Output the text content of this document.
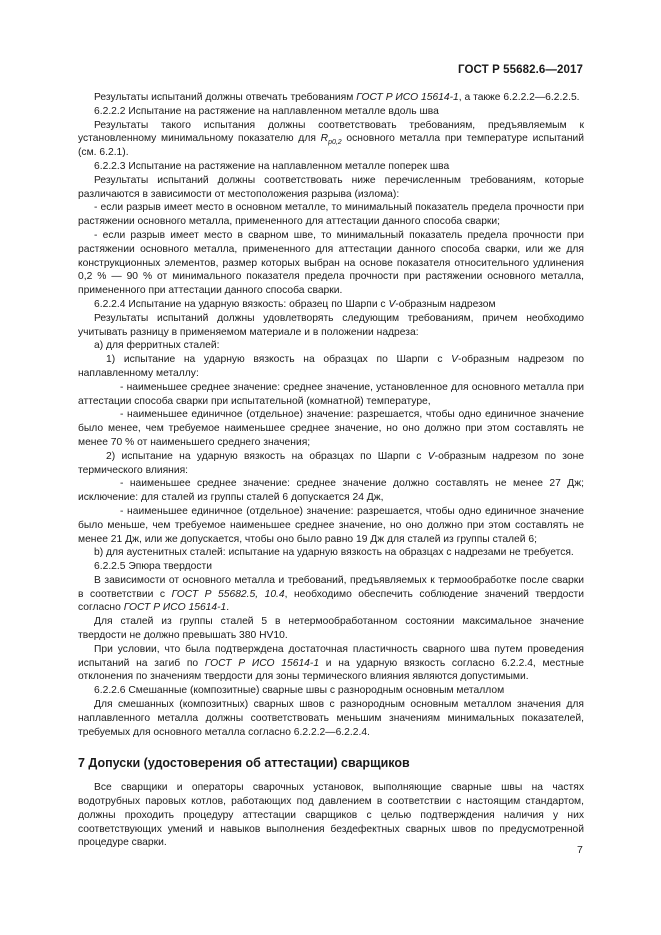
ГОСТ Р 55682.6—2017

Результаты испытаний должны отвечать требованиям ГОСТ Р ИСО 15614-1, а также 6.2.2.2—6.2.2.5.

6.2.2.2 Испытание на растяжение на наплавленном металле вдоль шва

Результаты такого испытания должны соответствовать требованиям, предъявляемым к установленному минимальному показателю для $R_{p0,2}$ основного металла при температуре испытаний (см. 6.2.1).

6.2.2.3 Испытание на растяжение на наплавленном металле поперек шва

Результаты испытаний должны соответствовать ниже перечисленным требованиям, которые различаются в зависимости от местоположения разрыва (излома):

- если разрыв имеет место в основном металле, то минимальный показатель предела прочности при растяжении основного металла, примененного для аттестации данного способа сварки;

- если разрыв имеет место в сварном шве, то минимальный показатель предела прочности при растяжении основного металла, примененного для аттестации данного способа сварки, или же для конструкционных элементов, размер которых выбран на основе показателя относительного удлинения 0,2 % — 90 % от минимального показателя предела прочности при растяжении основного металла, примененного при аттестации данного способа сварки.

6.2.2.4 Испытание на ударную вязкость: образец по Шарпи с V-образным надрезом

Результаты испытаний должны удовлетворять следующим требованиям, причем необходимо учитывать разницу в применяемом материале и в положении надреза:

а) для ферритных сталей:

1) испытание на ударную вязкость на образцах по Шарпи с V-образным надрезом по наплавленному металлу:

- наименьшее среднее значение: среднее значение, установленное для основного металла при аттестации способа сварки при испытательной (комнатной) температуре,

- наименьшее единичное (отдельное) значение: разрешается, чтобы одно единичное значение было менее, чем требуемое наименьшее среднее значение, но оно должно при этом составлять не менее 70 % от наименьшего среднего значения;

2) испытание на ударную вязкость на образцах по Шарпи с V-образным надрезом по зоне термического влияния:

- наименьшее среднее значение: среднее значение должно составлять не менее 27 Дж; исключение: для сталей из группы сталей 6 допускается 24 Дж,

- наименьшее единичное (отдельное) значение: разрешается, чтобы одно единичное значение было меньше, чем требуемое наименьшее среднее значение, но оно должно при этом составлять не менее 21 Дж, или же допускается, чтобы оно было равно 19 Дж для сталей из группы сталей 6;

b) для аустенитных сталей: испытание на ударную вязкость на образцах с надрезами не требуется.

6.2.2.5 Эпюра твердости

В зависимости от основного металла и требований, предъявляемых к термообработке после сварки в соответствии с ГОСТ Р 55682.5, 10.4, необходимо обеспечить соблюдение значений твердости согласно ГОСТ Р ИСО 15614-1.

Для сталей из группы сталей 5 в нетермообработанном состоянии максимальное значение твердости не должно превышать 380 HV10.

При условии, что была подтверждена достаточная пластичность сварного шва путем проведения испытаний на загиб по ГОСТ Р ИСО 15614-1 и на ударную вязкость согласно 6.2.2.4, местные отклонения по значениям твердости для зоны термического влияния являются допустимыми.

6.2.2.6 Смешанные (композитные) сварные швы с разнородным основным металлом

Для смешанных (композитных) сварных швов с разнородным основным металлом значения для наплавленного металла должны соответствовать меньшим значениям минимальных показателей, требуемых для основного металла согласно 6.2.2.2—6.2.2.4.

7 Допуски (удостоверения об аттестации) сварщиков

Все сварщики и операторы сварочных установок, выполняющие сварные швы на частях водотрубных паровых котлов, работающих под давлением в соответствии с настоящим стандартом, должны проходить процедуру аттестации сварщиков с целью подтверждения наличия у них соответствующих умений и навыков выполнения бездефектных сварных швов по предусмотренной процедуре сварки.

7
